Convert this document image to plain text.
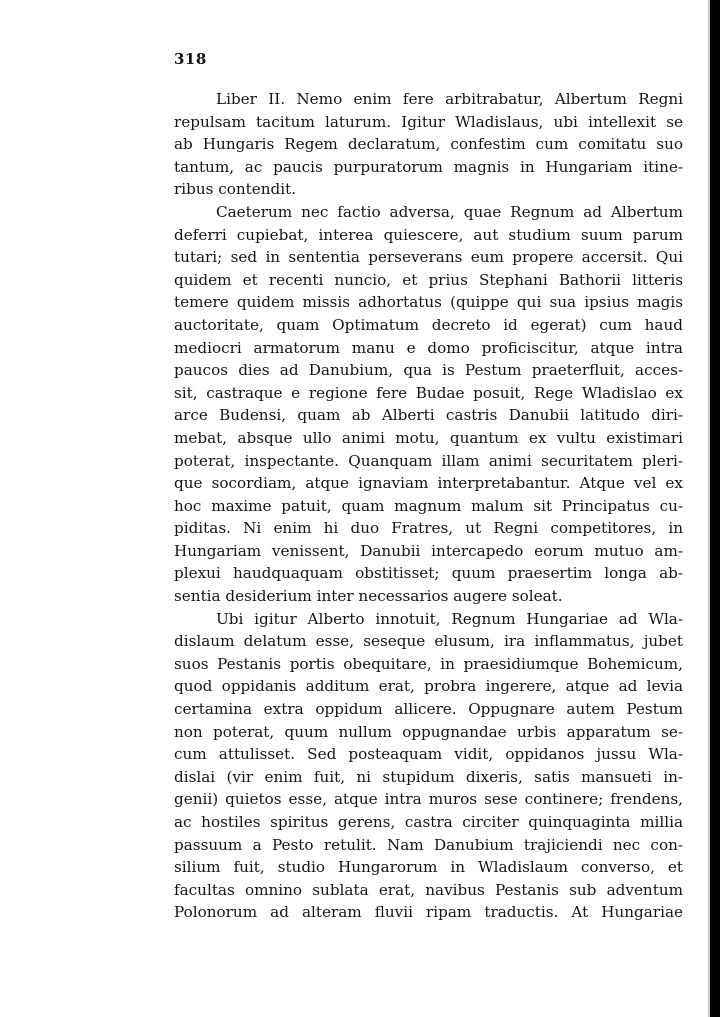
318
Liber II. Nemo enim fere arbitrabatur, Albertum Regni
repulsam tacitum laturum. Igitur Wladislaus, ubi intellexit se
ab Hungaris Regem declaratum, confestim cum comitatu suo
tantum, ac paucis purpuratorum magnis in Hungariam itine-
ribus contendit.
Caeterum nec factio adversa, quae Regnum ad Albertum
deferri cupiebat, interea quiescere, aut studium suum parum
tutari; sed in sententia perseverans eum propere accersit. Qui
quidem et recenti nuncio, et prius Stephani Bathorii litteris
temere quidem missis adhortatus (quippe qui sua ipsius magis
auctoritate, quam Optimatum decreto id egerat) cum haud
mediocri armatorum manu e domo proficiscitur, atque intra
paucos dies ad Danubium, qua is Pestum praeterfluit, acces-
sit, castraque e regione fere Budae posuit, Rege Wladislao ex
arce Budensi, quam ab Alberti castris Danubii latitudo diri-
mebat, absque ullo animi motu, quantum ex vultu existimari
poterat, inspectante. Quanquam illam animi securitatem pleri-
que socordiam, atque ignaviam interpretabantur. Atque vel ex
hoc maxime patuit, quam magnum malum sit Principatus cu-
piditas. Ni enim hi duo Fratres, ut Regni competitores, in
Hungariam venissent, Danubii intercapedo eorum mutuo am-
plexui haudquaquam obstitisset; quum praesertim longa ab-
sentia desiderium inter necessarios augere soleat.
Ubi igitur Alberto innotuit, Regnum Hungariae ad Wla-
dislaum delatum esse, seseque elusum, ira inflammatus, jubet
suos Pestanis portis obequitare, in praesidiumque Bohemicum,
quod oppidanis additum erat, probra ingerere, atque ad levia
certamina extra oppidum allicere. Oppugnare autem Pestum
non poterat, quum nullum oppugnandae urbis apparatum se-
cum attulisset. Sed posteaquam vidit, oppidanos jussu Wla-
dislai (vir enim fuit, ni stupidum dixeris, satis mansueti in-
genii) quietos esse, atque intra muros sese continere; frendens,
ac hostiles spiritus gerens, castra circiter quinquaginta millia
passuum a Pesto retulit. Nam Danubium trajiciendi nec con-
silium fuit, studio Hungarorum in Wladislaum converso, et
facultas omnino sublata erat, navibus Pestanis sub adventum
Polonorum ad alteram fluvii ripam traductis. At Hungariae
